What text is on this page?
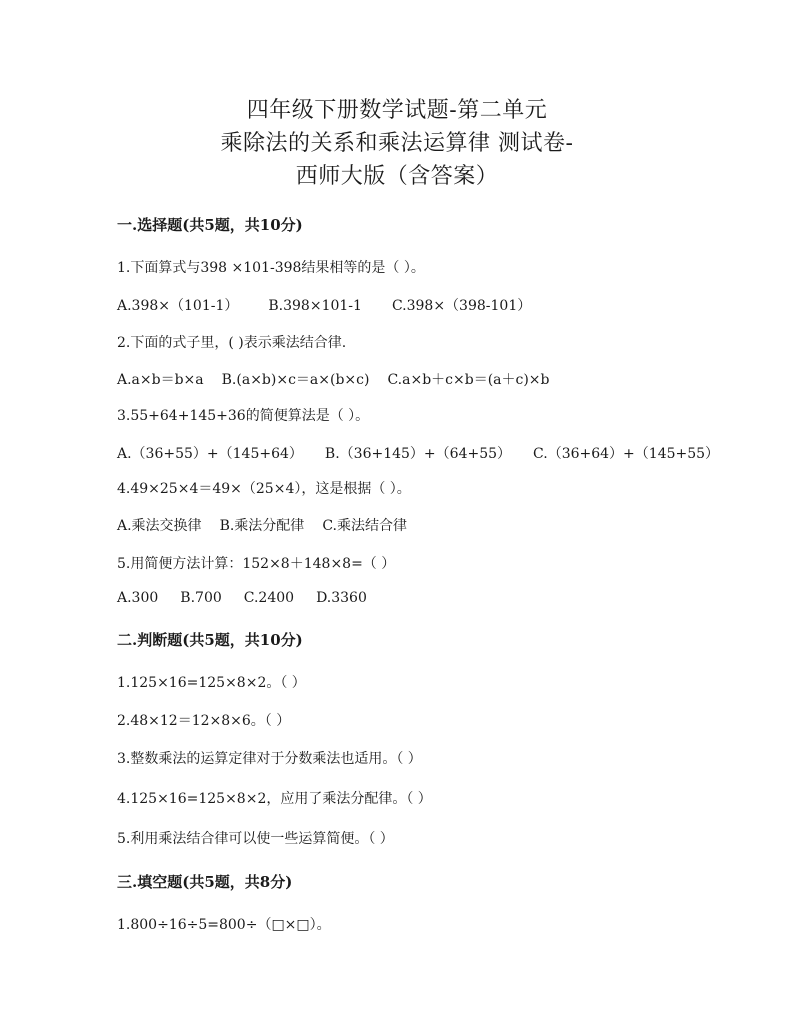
四年级下册数学试题-第二单元
乘除法的关系和乘法运算律 测试卷-
西师大版（含答案）
一.选择题(共5题，共10分)
1.下面算式与398 ×101-398结果相等的是（ ）。
A.398×（101-1） B.398×101-1 C.398×（398-101）
2.下面的式子里，( )表示乘法结合律.
A.a×b＝b×a B.(a×b)×c＝a×(b×c) C.a×b＋c×b＝(a＋c)×b
3.55+64+145+36的简便算法是（ ）。
A.（36+55）+（145+64） B.（36+145）+（64+55） C.（36+64）+（145+55）
4.49×25×4＝49×（25×4），这是根据（ ）。
A.乘法交换律 B.乘法分配律 C.乘法结合律
5.用简便方法计算：152×8＋148×8=（ ）
A.300 B.700 C.2400 D.3360
二.判断题(共5题，共10分)
1.125×16=125×8×2。（ ）
2.48×12＝12×8×6。（ ）
3.整数乘法的运算定律对于分数乘法也适用。（ ）
4.125×16=125×8×2，应用了乘法分配律。（ ）
5.利用乘法结合律可以使一些运算简便。（ ）
三.填空题(共5题，共8分)
1.800÷16÷5=800÷（□×□）。
